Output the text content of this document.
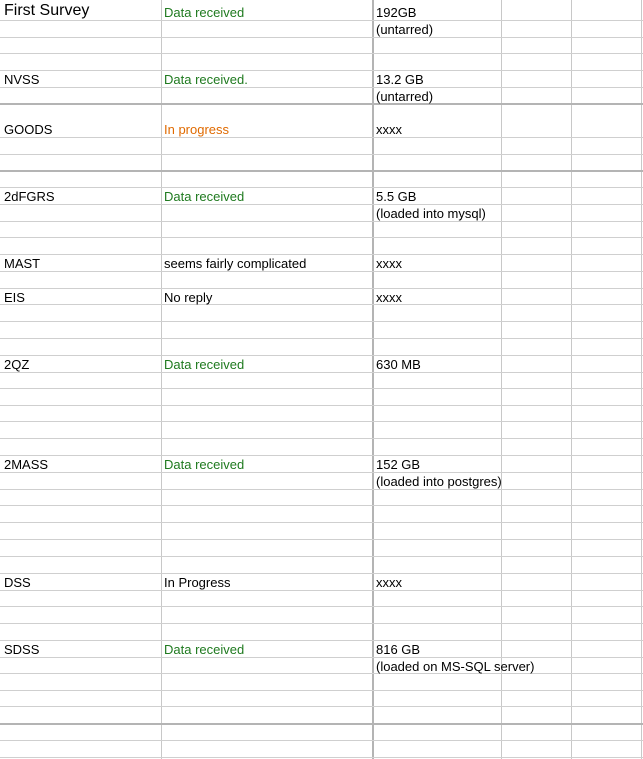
First Survey	Data received	192GB
(untarred)
NVSS	Data received.	13.2 GB
(untarred)
GOODS	In progress	xxxx
2dFGRS	Data received	5.5 GB
(loaded into mysql)
MAST	seems fairly complicated	xxxx
EIS	No reply	xxxx
2QZ	Data received	630 MB
2MASS	Data received	152 GB
(loaded into postgres)
DSS	In Progress	xxxx
SDSS	Data received	816 GB
(loaded on MS-SQL server)
